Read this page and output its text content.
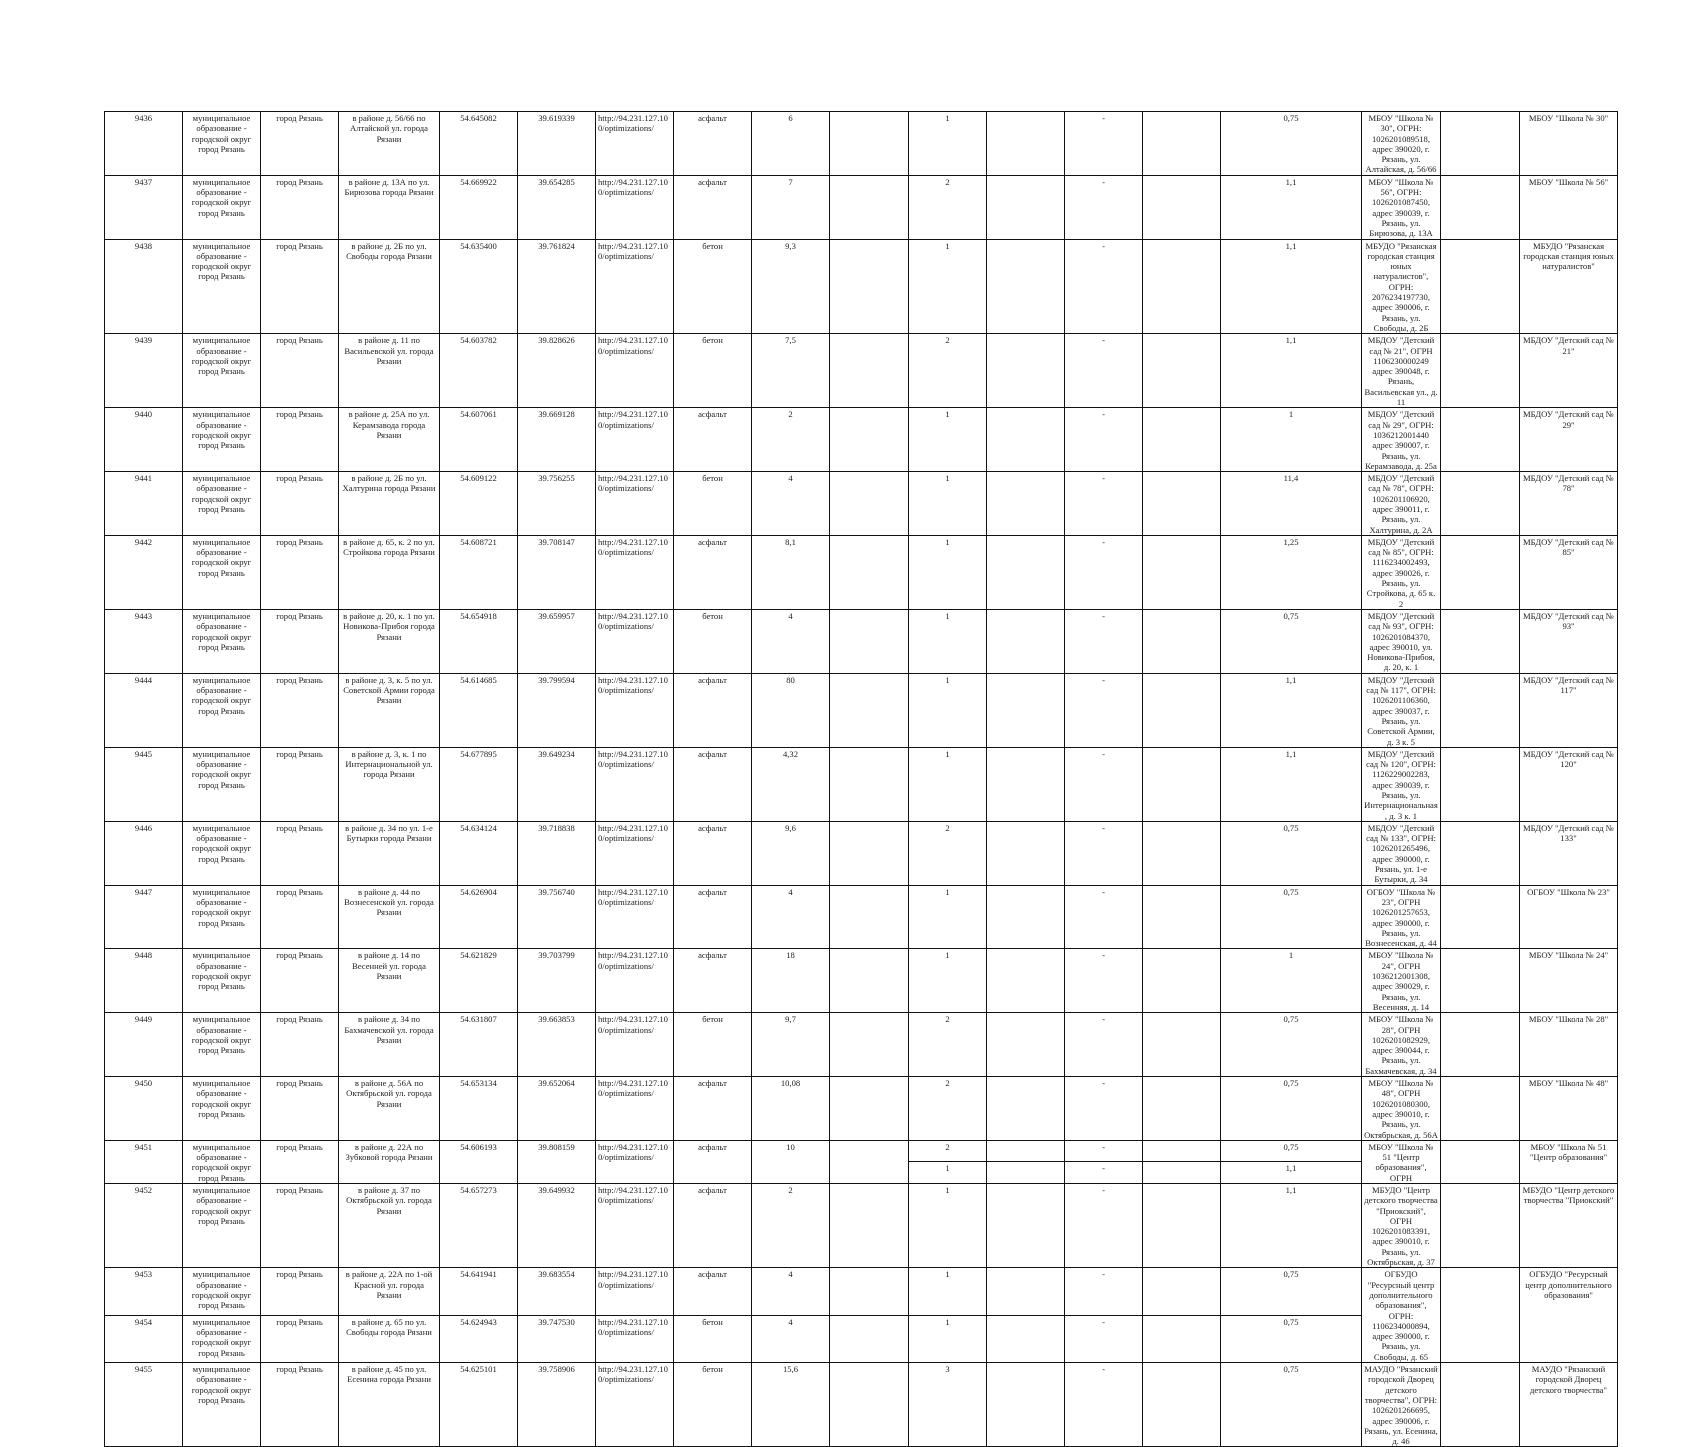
9436	муниципальное образование - городской округ город Рязань	город Рязань	в районе д. 56/66 по Алтайской ул. города Рязани	54.645082	39.619339	http://94.231.127.100/optimizations/	асфальт	6		1		-		0,75	МБОУ "Школа № 30", ОГРН: 1026201089518, адрес 390020, г. Рязань, ул. Алтайская, д. 56/66		МБОУ "Школа № 30"
9437	муниципальное образование - городской округ город Рязань	город Рязань	в районе д. 13А по ул. Бирюзова города Рязани	54.669922	39.654285	http://94.231.127.100/optimizations/	асфальт	7		2		-		1,1	МБОУ "Школа № 56", ОГРН: 1026201087450, адрес 390039, г. Рязань, ул. Бирюзова, д. 13А		МБОУ "Школа № 56"
9438	муниципальное образование - городской округ город Рязань	город Рязань	в районе д. 2Б по ул. Свободы города Рязани	54.635400	39.761824	http://94.231.127.100/optimizations/	бетон	9,3		1		-		1,1	МБУДО "Рязанская городская станция юных натуралистов", ОГРН: 2076234197730, адрес 390006, г. Рязань, ул. Свободы, д. 2Б		МБУДО "Рязанская городская станция юных натуралистов"
9439	муниципальное образование - городской округ город Рязань	город Рязань	в районе д. 11 по Васильевской ул. города Рязани	54.603782	39.828626	http://94.231.127.100/optimizations/	бетон	7,5		2		-		1,1	МБДОУ "Детский сад № 21", ОГРН 1106230000249 адрес 390048, г. Рязань, Васильевская ул., д. 11		МБДОУ "Детский сад № 21"
9440	муниципальное образование - городской округ город Рязань	город Рязань	в районе д. 25А по ул. Керамзавода города Рязани	54.607061	39.669128	http://94.231.127.100/optimizations/	асфальт	2		1		-		1	МБДОУ "Детский сад № 29", ОГРН: 1036212001440 адрес 390007, г. Рязань, ул. Керамзавода, д. 25а		МБДОУ "Детский сад № 29"
9441	муниципальное образование - городской округ город Рязань	город Рязань	в районе д. 2Б по ул. Халтурина города Рязани	54.609122	39.756255	http://94.231.127.100/optimizations/	бетон	4		1		-		11,4	МБДОУ "Детский сад № 78", ОГРН: 1026201106920, адрес 390011, г. Рязань, ул. Халтурина, д. 2А		МБДОУ "Детский сад № 78"
9442	муниципальное образование - городской округ город Рязань	город Рязань	в районе д. 65, к. 2 по ул. Стройкова города Рязани	54.608721	39.708147	http://94.231.127.100/optimizations/	асфальт	8,1		1		-		1,25	МБДОУ "Детский сад № 85", ОГРН: 1116234002493, адрес 390026, г. Рязань, ул. Стройкова, д. 65 к. 2		МБДОУ "Детский сад № 85"
9443	муниципальное образование - городской округ город Рязань	город Рязань	в районе д. 20, к. 1 по ул. Новикова-Прибоя города Рязани	54.654918	39.659957	http://94.231.127.100/optimizations/	бетон	4		1		-		0,75	МБДОУ "Детский сад № 93", ОГРН: 1026201084370, адрес 390010, ул. Новикова-Прибоя, д. 20, к. 1		МБДОУ "Детский сад № 93"
9444	муниципальное образование - городской округ город Рязань	город Рязань	в районе д. 3, к. 5 по ул. Советской Армии города Рязани	54.614685	39.799594	http://94.231.127.100/optimizations/	асфальт	80		1		-		1,1	МБДОУ "Детский сад № 117", ОГРН: 1026201106360, адрес 390037, г. Рязань, ул. Советской Армии, д. 3 к. 5		МБДОУ "Детский сад № 117"
9445	муниципальное образование - городской округ город Рязань	город Рязань	в районе д. 3, к. 1 по Интернациональной ул. города Рязани	54.677895	39.649234	http://94.231.127.100/optimizations/	асфальт	4,32		1		-		1,1	МБДОУ "Детский сад № 120", ОГРН: 1126229002283, адрес 390039, г. Рязань, ул. Интернациональная, д. 3 к. 1		МБДОУ "Детский сад № 120"
9446	муниципальное образование - городской округ город Рязань	город Рязань	в районе д. 34 по ул. 1-е Бутырки города Рязани	54.634124	39.718838	http://94.231.127.100/optimizations/	асфальт	9,6		2		-		0,75	МБДОУ "Детский сад № 133", ОГРН: 1026201265496, адрес 390000, г. Рязань, ул. 1-е Бутырки, д. 34		МБДОУ "Детский сад № 133"
9447	муниципальное образование - городской округ город Рязань	город Рязань	в районе д. 44 по Вознесенской ул. города Рязани	54.626904	39.756740	http://94.231.127.100/optimizations/	асфальт	4		1		-		0,75	ОГБОУ "Школа № 23", ОГРН 1026201257653, адрес 390000, г. Рязань, ул. Вознесенская, д. 44		ОГБОУ "Школа № 23"
9448	муниципальное образование - городской округ город Рязань	город Рязань	в районе д. 14 по Весенней ул. города Рязани	54.621829	39.703799	http://94.231.127.100/optimizations/	асфальт	18		1		-		1	МБОУ "Школа № 24", ОГРН 1036212001308, адрес 390029, г. Рязань, ул. Весенняя, д. 14		МБОУ "Школа № 24"
9449	муниципальное образование - городской округ город Рязань	город Рязань	в районе д. 34 по Бахмачевской ул. города Рязани	54.631807	39.663853	http://94.231.127.100/optimizations/	бетон	9,7		2		-		0,75	МБОУ "Школа № 28", ОГРН 1026201082929, адрес 390044, г. Рязань, ул. Бахмачевская, д. 34		МБОУ "Школа № 28"
9450	муниципальное образование - городской округ город Рязань	город Рязань	в районе д. 56А по Октябрьской ул. города Рязани	54.653134	39.652064	http://94.231.127.100/optimizations/	асфальт	10,08		2		-		0,75	МБОУ "Школа № 48", ОГРН 1026201080300, адрес 390010, г. Рязань, ул. Октябрьская, д. 56А		МБОУ "Школа № 48"
9451	муниципальное образование - городской округ город Рязань	город Рязань	в районе д. 22А по Зубковой города Рязани	54.606193	39.808159	http://94.231.127.100/optimizations/	асфальт	10		2		-		0,75	МБОУ "Школа № 51 "Центр образования", ОГРН		МБОУ "Школа № 51 "Центр образования"
										1		-		1,1			
9452	муниципальное образование - городской округ город Рязань	город Рязань	в районе д. 37 по Октябрьской ул. города Рязани	54.657273	39.649932	http://94.231.127.100/optimizations/	асфальт	2		1		-		1,1	МБУДО "Центр детского творчества "Приокский", ОГРН 1026201083391, адрес 390010, г. Рязань, ул. Октябрьская, д. 37		МБУДО "Центр детского творчества "Приокский"
9453	муниципальное образование - городской округ город Рязань	город Рязань	в районе д. 22А по 1-ой Красной ул. города Рязани	54.641941	39.683554	http://94.231.127.100/optimizations/	асфальт	4		1		-		0,75	ОГБУДО "Ресурсный центр дополнительного образования", ОГРН: 1106234000894, адрес 390000, г. Рязань, ул. Свободы, д. 65		ОГБУДО "Ресурсный центр дополнительного образования"
9454	муниципальное образование - городской округ город Рязань	город Рязань	в районе д. 65 по ул. Свободы города Рязани	54.624943	39.747530	http://94.231.127.100/optimizations/	бетон	4		1		-		0,75			
9455	муниципальное образование - городской округ город Рязань	город Рязань	в районе д. 45 по ул. Есенина города Рязани	54.625101	39.758906	http://94.231.127.100/optimizations/	бетон	15,6		3		-		0,75	МАУДО "Рязанский городской Дворец детского творчества", ОГРН: 1026201266695, адрес 390006, г. Рязань, ул. Есенина, д. 46		МАУДО "Рязанский городской Дворец детского творчества"
